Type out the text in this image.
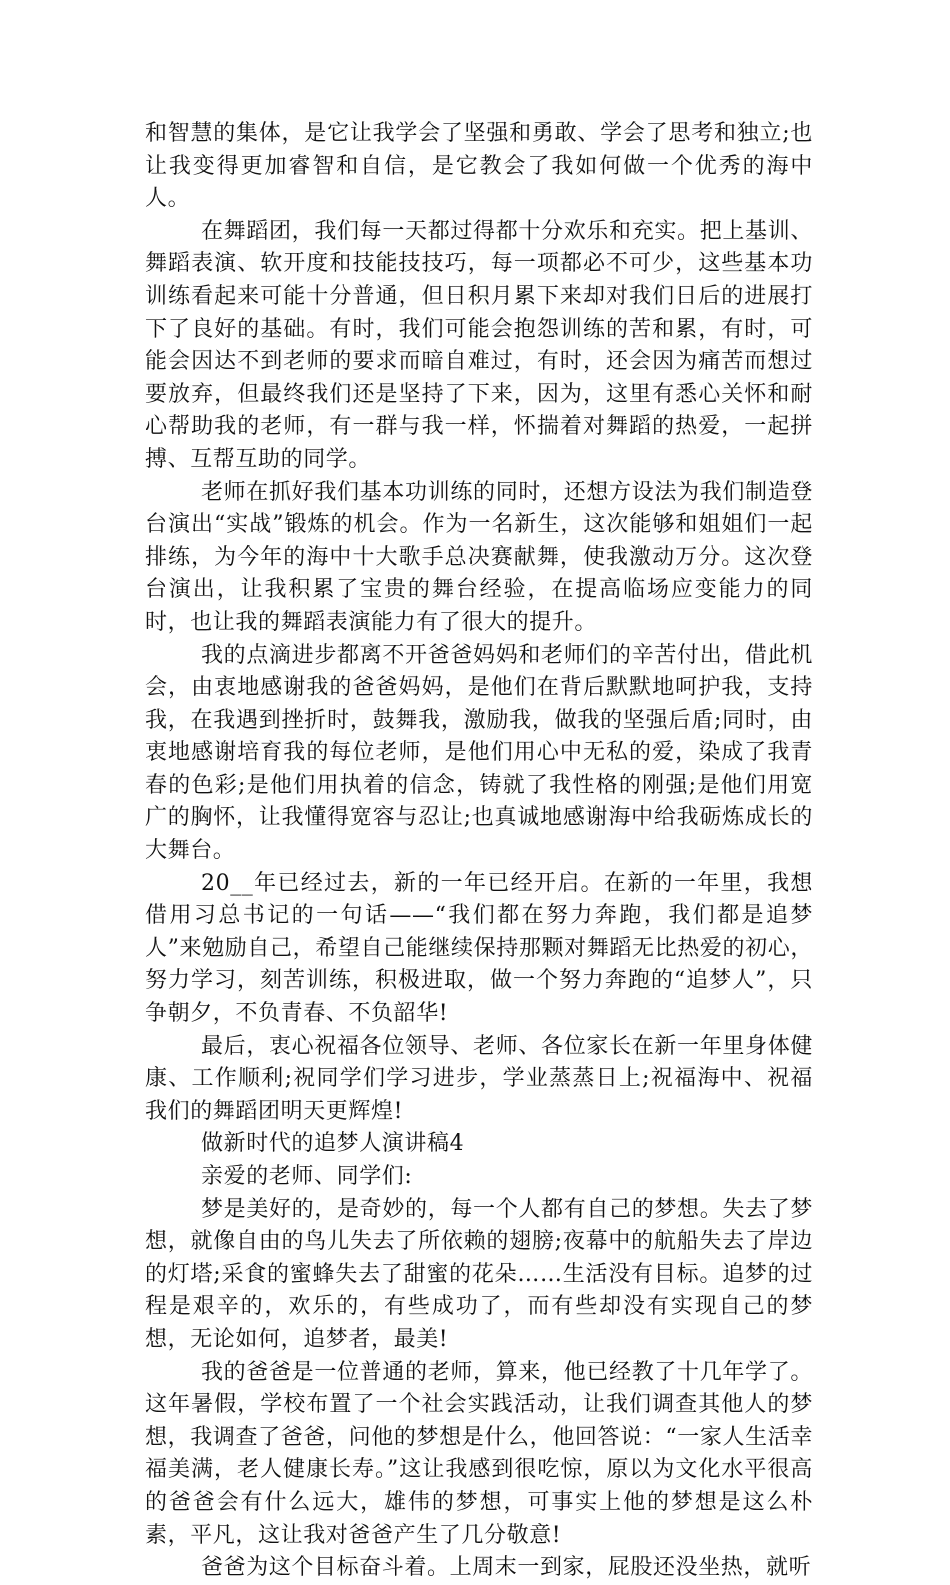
和智慧的集体，是它让我学会了坚强和勇敢、学会了思考和独立;也让我变得更加睿智和自信，是它教会了我如何做一个优秀的海中人。

在舞蹈团，我们每一天都过得都十分欢乐和充实。把上基训、舞蹈表演、软开度和技能技技巧，每一项都必不可少，这些基本功训练看起来可能十分普通，但日积月累下来却对我们日后的进展打下了良好的基础。有时，我们可能会抱怨训练的苦和累，有时，可能会因达不到老师的要求而暗自难过，有时，还会因为痛苦而想过要放弃，但最终我们还是坚持了下来，因为，这里有悉心关怀和耐心帮助我的老师，有一群与我一样，怀揣着对舞蹈的热爱，一起拼搏、互帮互助的同学。

老师在抓好我们基本功训练的同时，还想方设法为我们制造登台演出“实战”锻炼的机会。作为一名新生，这次能够和姐姐们一起排练，为今年的海中十大歌手总决赛献舞，使我激动万分。这次登台演出，让我积累了宝贵的舞台经验，在提高临场应变能力的同时，也让我的舞蹈表演能力有了很大的提升。

我的点滴进步都离不开爸爸妈妈和老师们的辛苦付出，借此机会，由衷地感谢我的爸爸妈妈，是他们在背后默默地呵护我，支持我，在我遇到挫折时，鼓舞我，激励我，做我的坚强后盾;同时，由衷地感谢培育我的每位老师，是他们用心中无私的爱，染成了我青春的色彩;是他们用执着的信念，铸就了我性格的刚强;是他们用宽广的胸怀，让我懂得宽容与忍让;也真诚地感谢海中给我砺炼成长的大舞台。

20__年已经过去，新的一年已经开启。在新的一年里，我想借用习总书记的一句话——“我们都在努力奔跑，我们都是追梦人”来勉励自己，希望自己能继续保持那颗对舞蹈无比热爱的初心，努力学习，刻苦训练，积极进取，做一个努力奔跑的“追梦人”，只争朝夕，不负青春、不负韶华!

最后，衷心祝福各位领导、老师、各位家长在新一年里身体健康、工作顺利;祝同学们学习进步，学业蒸蒸日上;祝福海中、祝福我们的舞蹈团明天更辉煌!

做新时代的追梦人演讲稿4

亲爱的老师、同学们:

梦是美好的，是奇妙的，每一个人都有自己的梦想。失去了梦想，就像自由的鸟儿失去了所依赖的翅膀;夜幕中的航船失去了岸边的灯塔;采食的蜜蜂失去了甜蜜的花朵……生活没有目标。追梦的过程是艰辛的，欢乐的，有些成功了，而有些却没有实现自己的梦想，无论如何，追梦者，最美!

我的爸爸是一位普通的老师，算来，他已经教了十几年学了。这年暑假，学校布置了一个社会实践活动，让我们调查其他人的梦想，我调查了爸爸，问他的梦想是什么，他回答说：“一家人生活幸福美满，老人健康长寿。”这让我感到很吃惊，原以为文化水平很高的爸爸会有什么远大，雄伟的梦想，可事实上他的梦想是这么朴素，平凡，这让我对爸爸产生了几分敬意!

爸爸为这个目标奋斗着。上周末一到家，屁股还没坐热，就听
